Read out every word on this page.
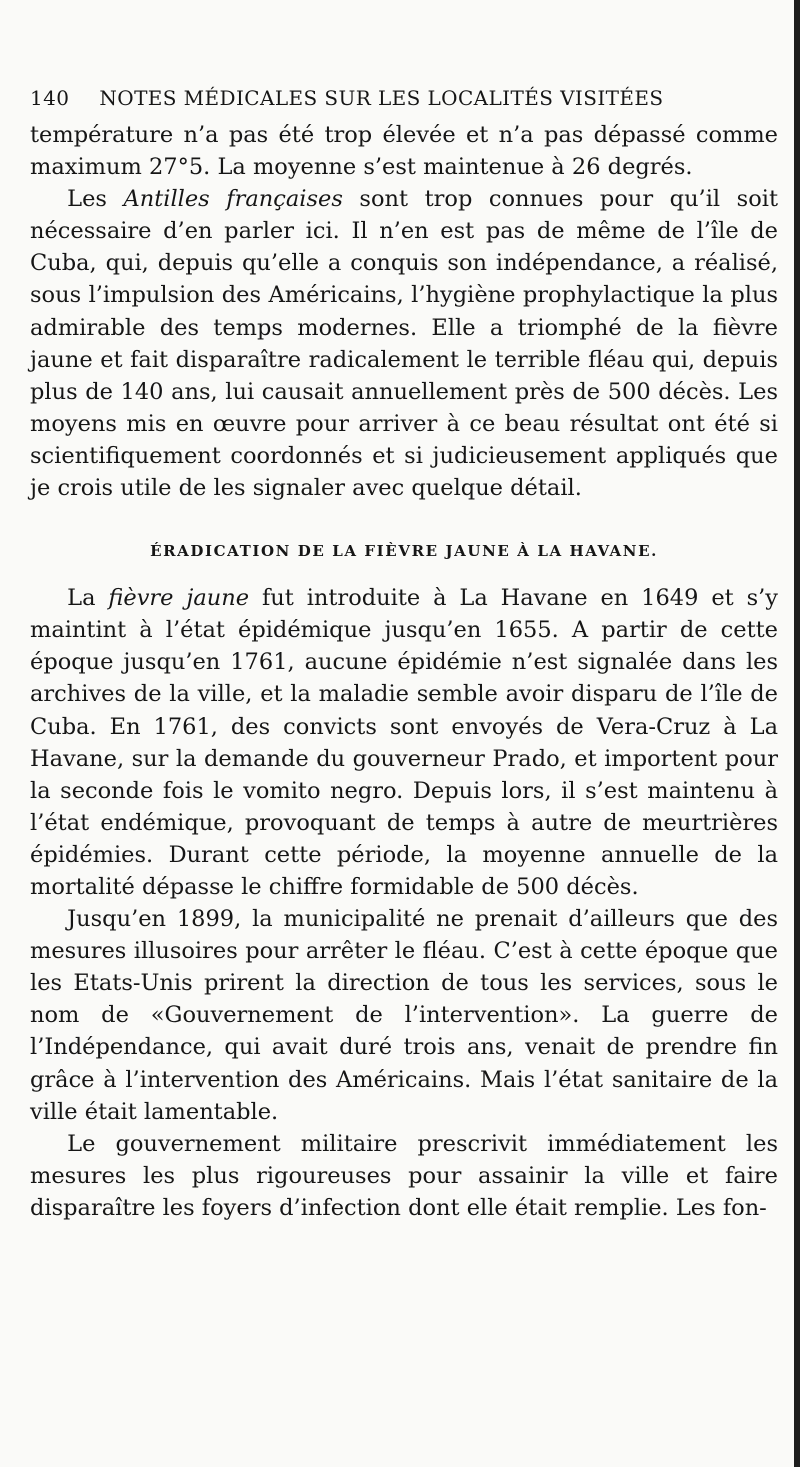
140 NOTES MÉDICALES SUR LES LOCALITÉS VISITÉES

température n’a pas été trop élevée et n’a pas dépassé comme maximum 27°5. La moyenne s’est maintenue à 26 degrés.

Les Antilles françaises sont trop connues pour qu’il soit nécessaire d’en parler ici. Il n’en est pas de même de l’île de Cuba, qui, depuis qu’elle a conquis son indépendance, a réalisé, sous l’impulsion des Américains, l’hygiène prophylactique la plus admirable des temps modernes. Elle a triomphé de la fièvre jaune et fait disparaître radicalement le terrible fléau qui, depuis plus de 140 ans, lui causait annuellement près de 500 décès. Les moyens mis en œuvre pour arriver à ce beau résultat ont été si scientifiquement coordonnés et si judicieusement appliqués que je crois utile de les signaler avec quelque détail.

ÉRADICATION DE LA FIÈVRE JAUNE À LA HAVANE.

La fièvre jaune fut introduite à La Havane en 1649 et s’y maintint à l’état épidémique jusqu’en 1655. A partir de cette époque jusqu’en 1761, aucune épidémie n’est signalée dans les archives de la ville, et la maladie semble avoir disparu de l’île de Cuba. En 1761, des convicts sont envoyés de Vera-Cruz à La Havane, sur la demande du gouverneur Prado, et importent pour la seconde fois le vomito negro. Depuis lors, il s’est maintenu à l’état endémique, provoquant de temps à autre de meurtrières épidémies. Durant cette période, la moyenne annuelle de la mortalité dépasse le chiffre formidable de 500 décès.

Jusqu’en 1899, la municipalité ne prenait d’ailleurs que des mesures illusoires pour arrêter le fléau. C’est à cette époque que les Etats-Unis prirent la direction de tous les services, sous le nom de «Gouvernement de l’intervention». La guerre de l’Indépendance, qui avait duré trois ans, venait de prendre fin grâce à l’intervention des Américains. Mais l’état sanitaire de la ville était lamentable.

Le gouvernement militaire prescrivit immédiatement les mesures les plus rigoureuses pour assainir la ville et faire disparaître les foyers d’infection dont elle était remplie. Les fon-
